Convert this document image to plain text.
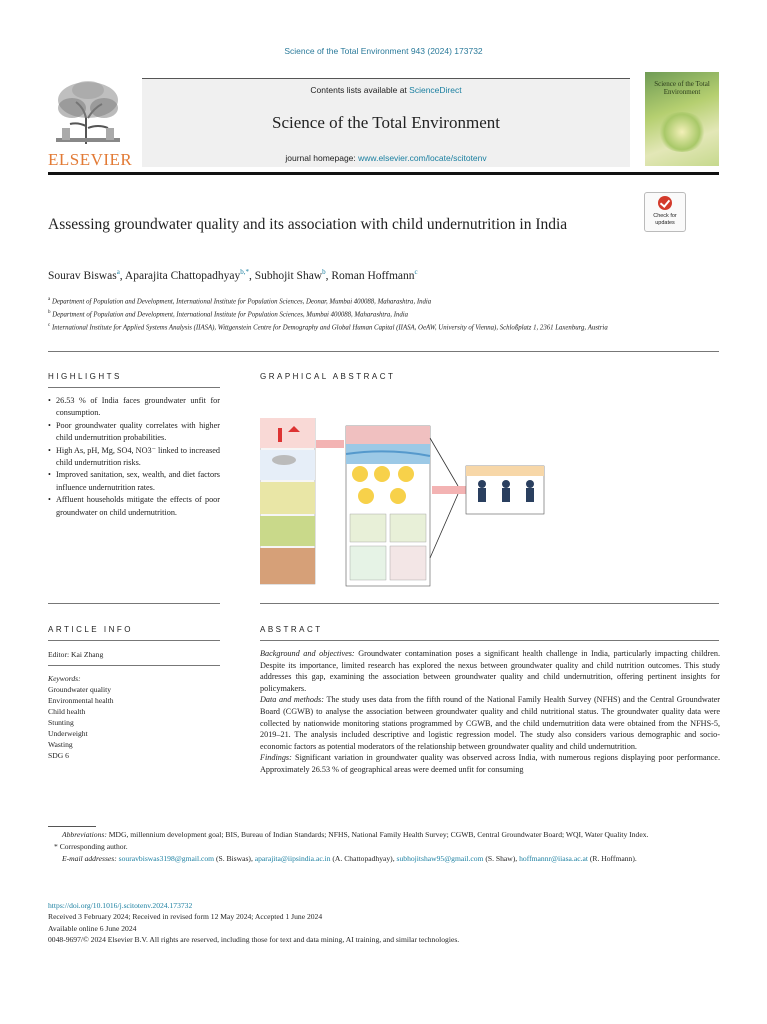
Science of the Total Environment 943 (2024) 173732
ELSEVIER
Contents lists available at ScienceDirect
Science of the Total Environment
journal homepage: www.elsevier.com/locate/scitotenv
Science of the Total Environment
Assessing groundwater quality and its association with child undernutrition in India	Check for updates
Sourav Biswas$^a$, Aparajita Chattopadhyay$^{b,*}$, Subhojit Shaw$^b$, Roman Hoffmann$^c$
$^a$ Department of Population and Development, International Institute for Population Sciences, Deonar, Mumbai 400088, Maharashtra, India
$^b$ Department of Population and Development, International Institute for Population Sciences, Mumbai 400088, Maharashtra, India
$^c$ International Institute for Applied Systems Analysis (IIASA), Wittgenstein Centre for Demography and Global Human Capital (IIASA, OeAW, University of Vienna), Schloßplatz 1, 2361 Laxenburg, Austria
HIGHLIGHTS
• 26.53 % of India faces groundwater unfit for consumption.
• Poor groundwater quality correlates with higher child undernutrition probabilities.
• High As, pH, Mg, SO4, NO3⁻ linked to increased child undernutrition risks.
• Improved sanitation, sex, wealth, and diet factors influence undernutrition rates.
• Affluent households mitigate the effects of poor groundwater on child undernutrition.
GRAPHICAL ABSTRACT
ARTICLE INFO
Editor: Kai Zhang
Keywords:
Groundwater quality
Environmental health
Child health
Stunting
Underweight
Wasting
SDG 6
ABSTRACT

Background and objectives: Groundwater contamination poses a significant health challenge in India, particularly impacting children. Despite its importance, limited research has explored the nexus between groundwater quality and child nutrition outcomes. This study addresses this gap, examining the association between groundwater quality and child undernutrition, offering pertinent insights for policymakers.

Data and methods: The study uses data from the fifth round of the National Family Health Survey (NFHS) and the Central Groundwater Board (CGWB) to analyse the association between groundwater quality and child nutritional status. The groundwater quality data were collected by nationwide monitoring stations programmed by CGWB, and the child undernutrition data were obtained from the NFHS-5, 2019–21. The analysis included descriptive and logistic regression model. The study also considers various demographic and socio-economic factors as potential moderators of the relationship between groundwater quality and child undernutrition.

Findings: Significant variation in groundwater quality was observed across India, with numerous regions displaying poor performance. Approximately 26.53 % of geographical areas were deemed unfit for consuming

Abbreviations: MDG, millennium development goal; BIS, Bureau of Indian Standards; NFHS, National Family Health Survey; CGWB, Central Groundwater Board; WQI, Water Quality Index.
* Corresponding author.
E-mail addresses: souravbiswas3198@gmail.com (S. Biswas), aparajita@iipsindia.ac.in (A. Chattopadhyay), subhojitshaw95@gmail.com (S. Shaw), hoffmannr@iiasa.ac.at (R. Hoffmann).
https://doi.org/10.1016/j.scitotenv.2024.173732
Received 3 February 2024; Received in revised form 12 May 2024; Accepted 1 June 2024
Available online 6 June 2024
0048-9697/© 2024 Elsevier B.V. All rights are reserved, including those for text and data mining, AI training, and similar technologies.
